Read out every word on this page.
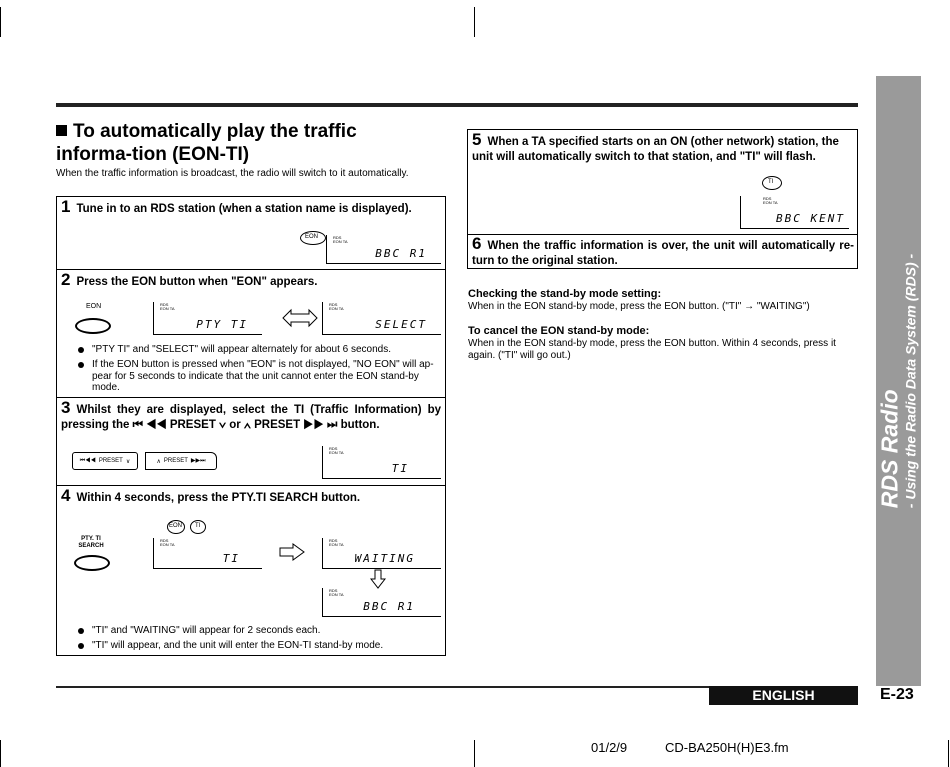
RDS Radio - Using the Radio Data System (RDS) -
To automatically play the traffic informa-tion (EON-TI)
When the traffic information is broadcast, the radio will switch to it automatically.
1 Tune in to an RDS station (when a station name is displayed).
EON	RDS
EON TA
BBC R1
2 Press the EON button when "EON" appears.
EON	RDS
EON TA
PTY TI
RDS
EON TA
SELECT
"PTY TI" and "SELECT" will appear alternately for about 6 seconds.
If the EON button is pressed when "EON" is not displayed, "NO EON" will ap-pear for 5 seconds to indicate that the unit cannot enter the EON stand-by mode.
3 Whilst they are displayed, select the TI (Traffic Information) by pressing the ⏮ ◀◀ PRESET ∨ or ∧ PRESET ▶▶ ⏭ button.
⏮◀◀ PRESET ∨	∧ PRESET ▶▶⏭
RDS
EON TA
TI
4 Within 4 seconds, press the PTY.TI SEARCH button.
PTY. TI SEARCH
EON TI
RDS
EON TA
TI
RDS
EON TA
WAITING
RDS
EON TA
BBC R1
"TI" and "WAITING" will appear for 2 seconds each.
"TI" will appear, and the unit will enter the EON-TI stand-by mode.
5 When a TA specified starts on an ON (other network) station, the unit will automatically switch to that station, and "TI" will flash.
TI
RDS
EON TA
BBC KENT
6 When the traffic information is over, the unit will automatically re-turn to the original station.
Checking the stand-by mode setting:
When in the EON stand-by mode, press the EON button. ("TI" → "WAITING")
To cancel the EON stand-by mode:
When in the EON stand-by mode, press the EON button. Within 4 seconds, press it again. ("TI" will go out.)
ENGLISH	E-23
01/2/9	CD-BA250H(H)E3.fm
